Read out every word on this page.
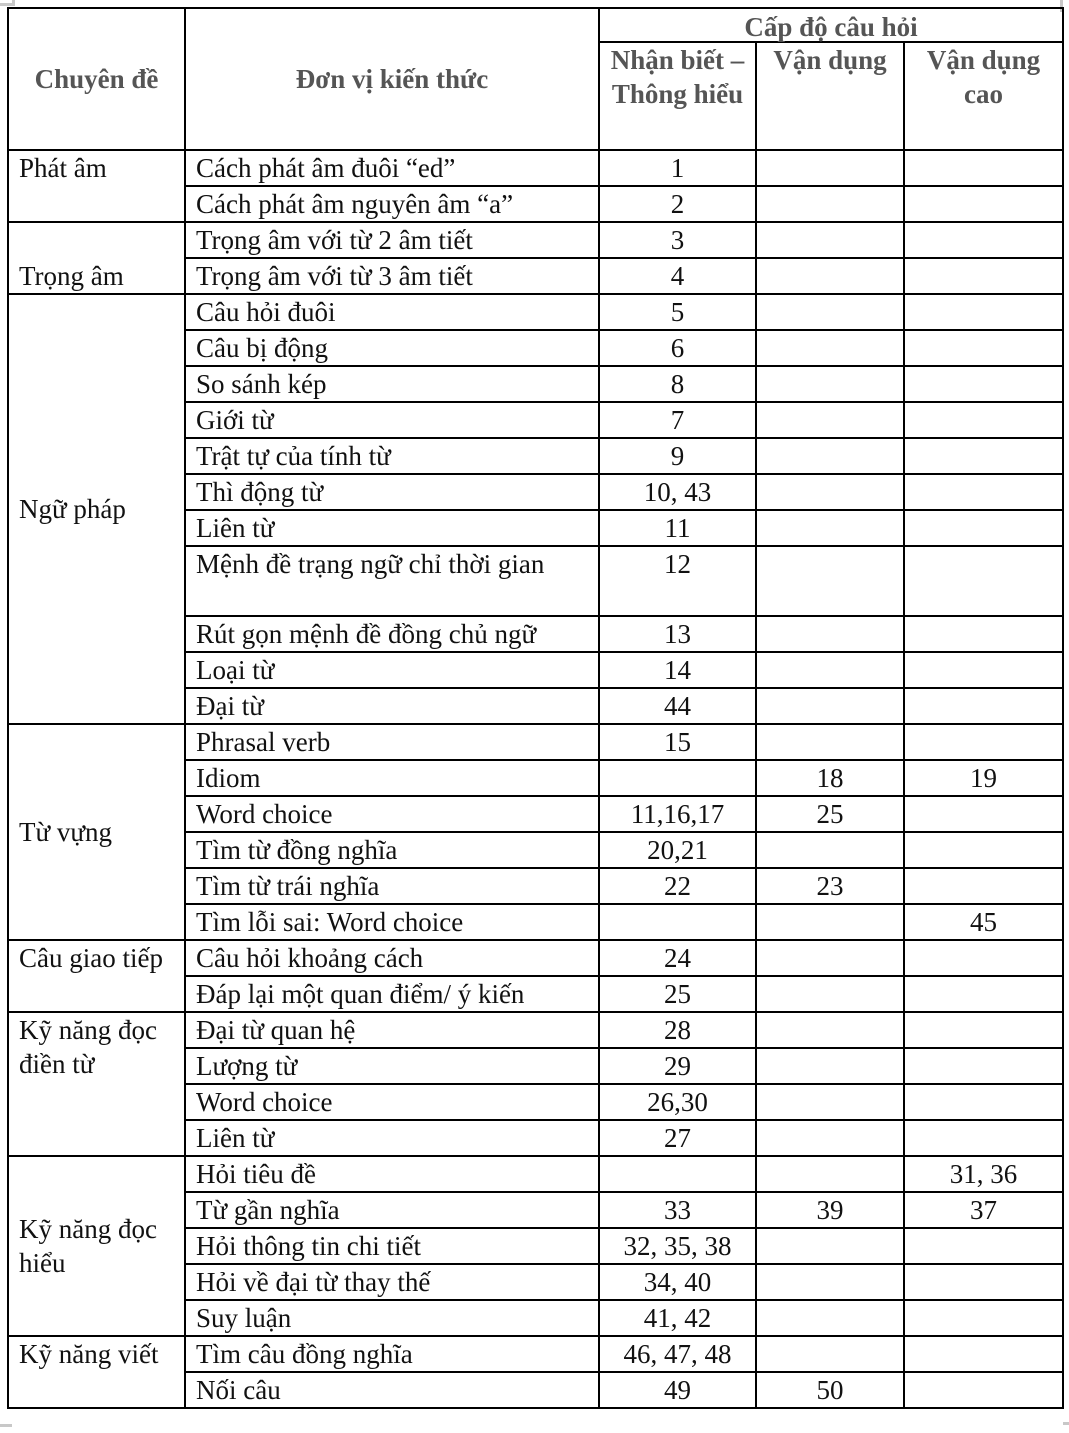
Chuyên đề	Đơn vị kiến thức	Cấp độ câu hỏi		
		Nhận biết – Thông hiểu	Vận dụng	Vận dụng cao
Phát âm	Cách phát âm đuôi “ed”	1		
	Cách phát âm nguyên âm “a”	2		
Trọng âm	Trọng âm với từ 2 âm tiết	3		
	Trọng âm với từ 3 âm tiết	4		
Ngữ pháp	Câu hỏi đuôi	5		
	Câu bị động	6		
	So sánh kép	8		
	Giới từ	7		
	Trật tự của tính từ	9		
	Thì động từ	10, 43		
	Liên từ	11		
	Mệnh đề trạng ngữ chỉ thời gian	12		
	Rút gọn mệnh đề đồng chủ ngữ	13		
	Loại từ	14		
	Đại từ	44		
Từ vựng	Phrasal verb	15		
	Idiom		18	19
	Word choice	11,16,17	25	
	Tìm từ đồng nghĩa	20,21		
	Tìm từ trái nghĩa	22	23	
	Tìm lỗi sai: Word choice			45
Câu giao tiếp	Câu hỏi khoảng cách	24		
	Đáp lại một quan điểm/ ý kiến	25		
Kỹ năng đọc điền từ	Đại từ quan hệ	28		
	Lượng từ	29		
	Word choice	26,30		
	Liên từ	27		
Kỹ năng đọc hiểu	Hỏi tiêu đề			31, 36
	Từ gần nghĩa	33	39	37
	Hỏi thông tin chi tiết	32, 35, 38		
	Hỏi về đại từ thay thế	34, 40		
	Suy luận	41, 42		
Kỹ năng viết	Tìm câu đồng nghĩa	46, 47, 48		
	Nối câu	49	50	
